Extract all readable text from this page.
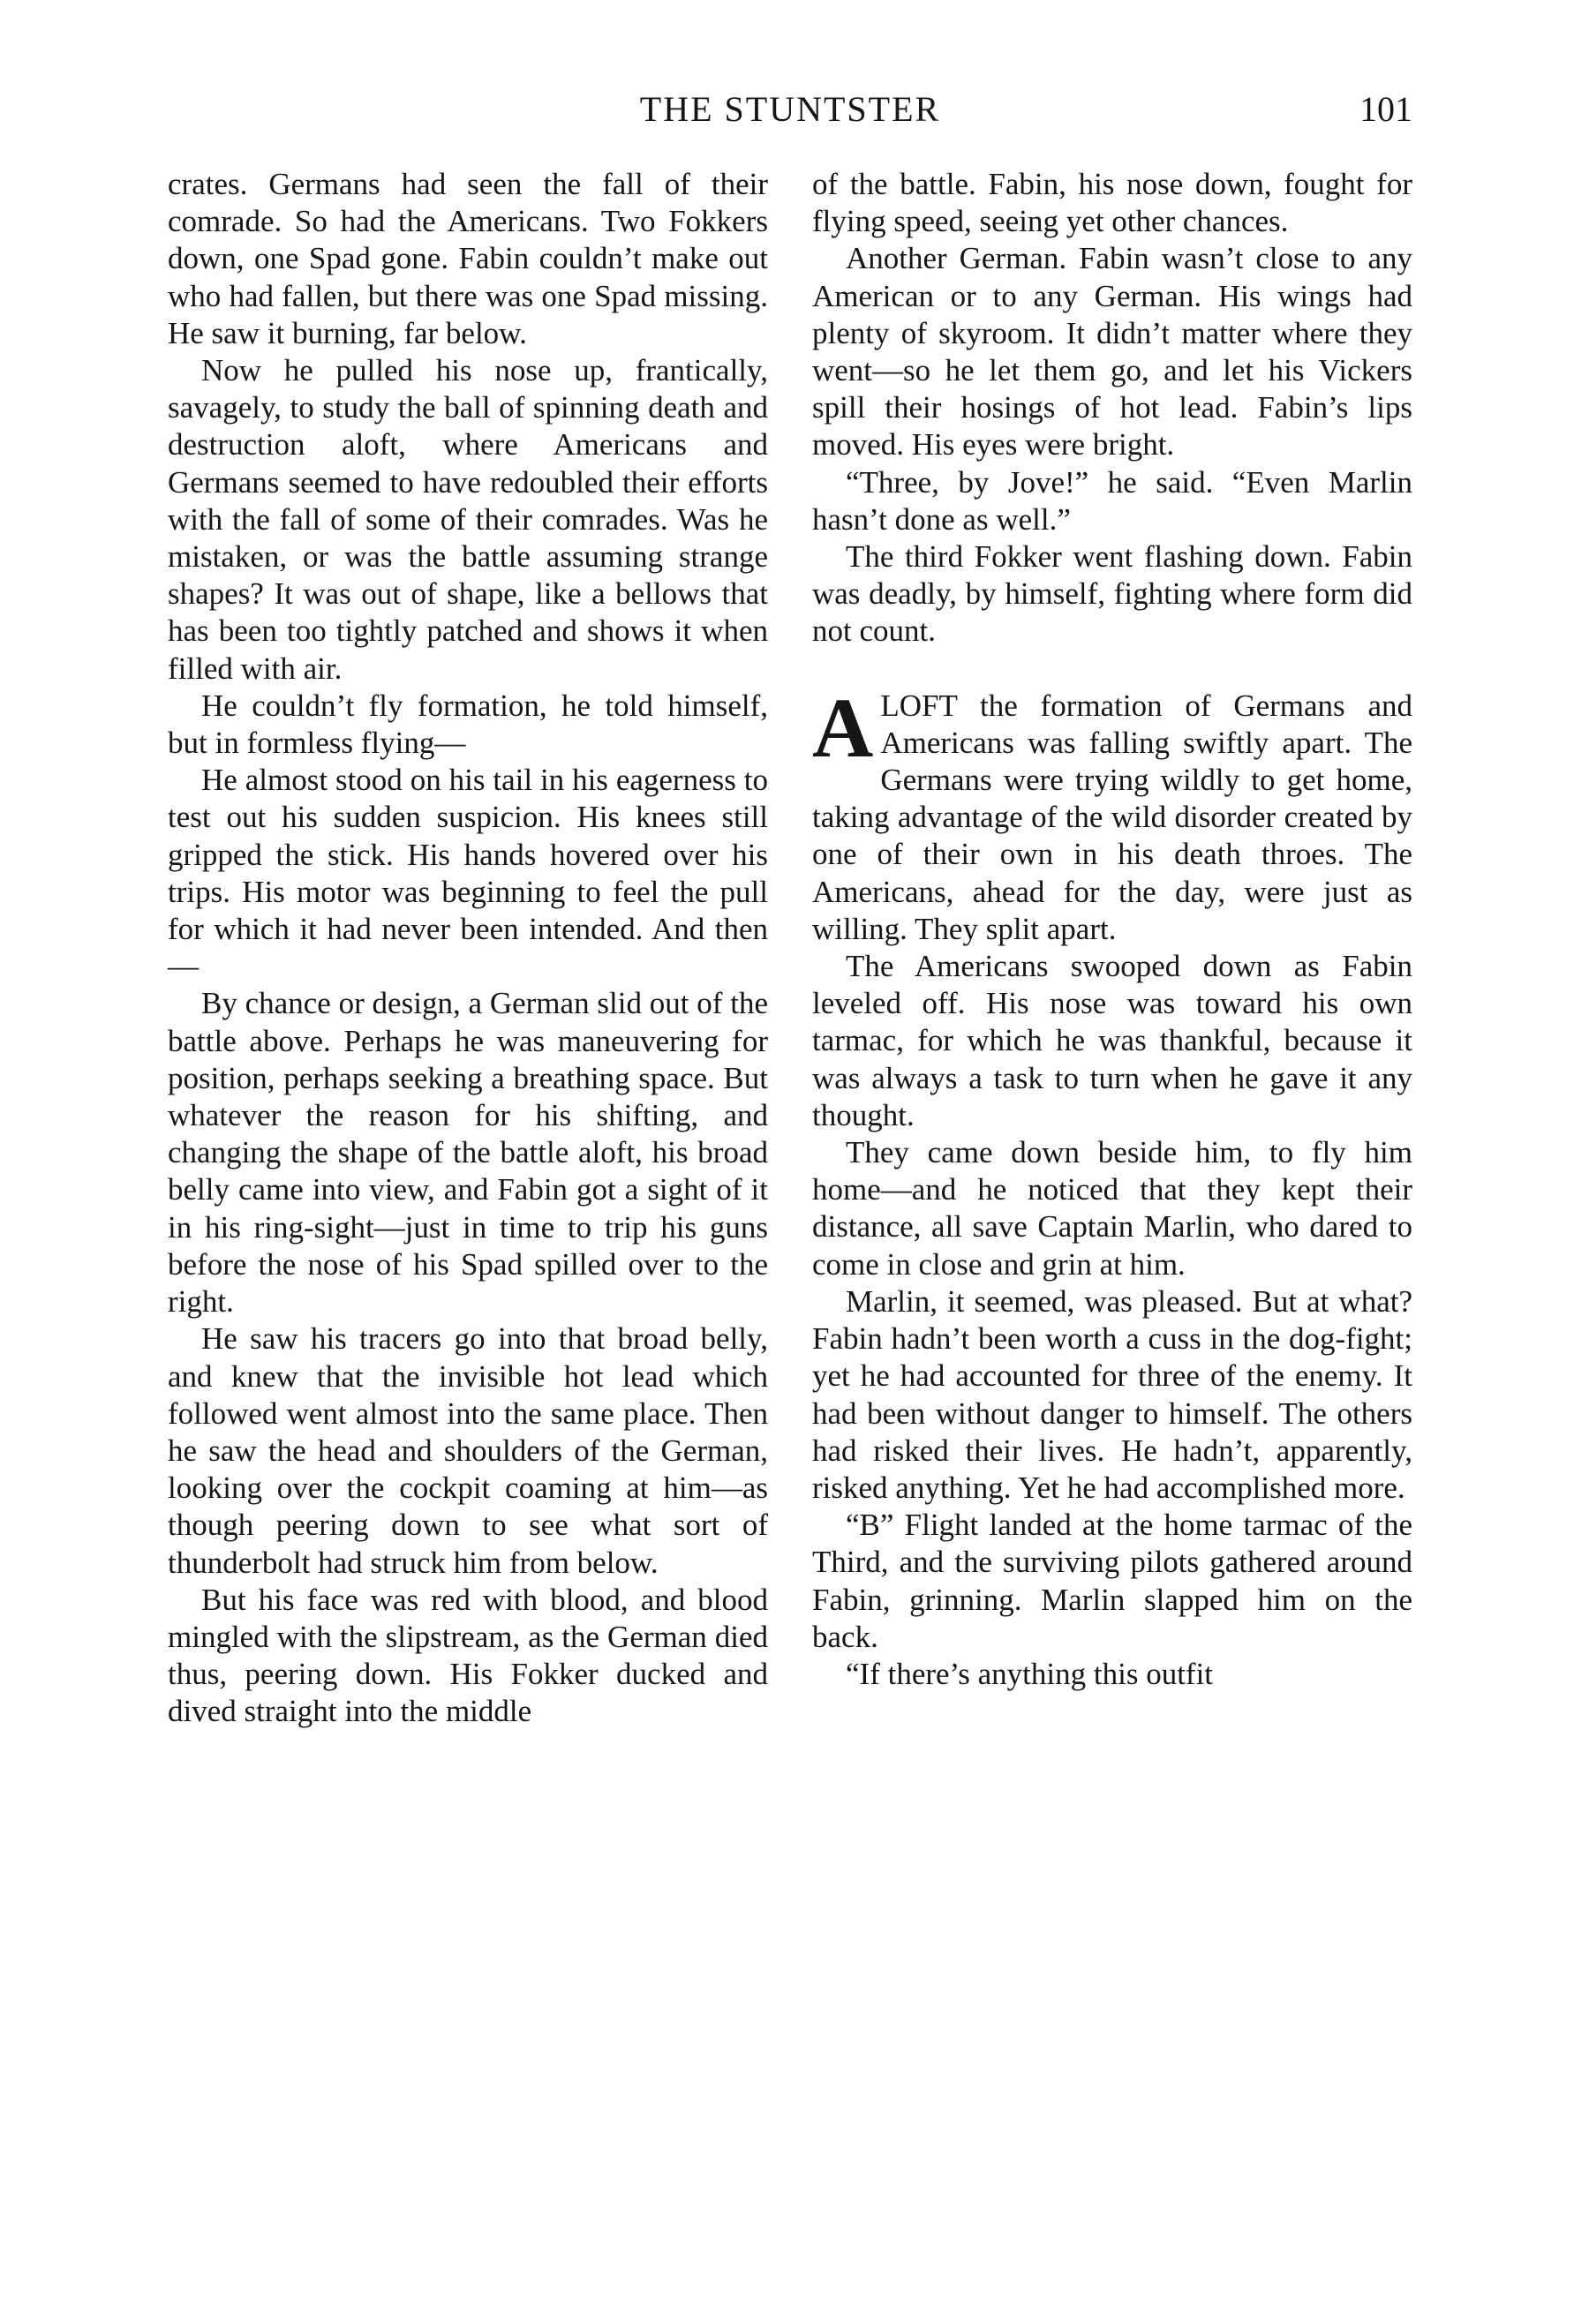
THE STUNTSTER	101

crates. Germans had seen the fall of their comrade. So had the Americans. Two Fokkers down, one Spad gone. Fabin couldn’t make out who had fallen, but there was one Spad missing. He saw it burning, far below.

Now he pulled his nose up, frantically, savagely, to study the ball of spinning death and destruction aloft, where Americans and Germans seemed to have redoubled their efforts with the fall of some of their comrades. Was he mistaken, or was the battle assuming strange shapes? It was out of shape, like a bellows that has been too tightly patched and shows it when filled with air.

He couldn’t fly formation, he told himself, but in formless flying—

He almost stood on his tail in his eagerness to test out his sudden suspicion. His knees still gripped the stick. His hands hovered over his trips. His motor was beginning to feel the pull for which it had never been intended. And then—

By chance or design, a German slid out of the battle above. Perhaps he was maneuvering for position, perhaps seeking a breathing space. But whatever the reason for his shifting, and changing the shape of the battle aloft, his broad belly came into view, and Fabin got a sight of it in his ring-sight—just in time to trip his guns before the nose of his Spad spilled over to the right.

He saw his tracers go into that broad belly, and knew that the invisible hot lead which followed went almost into the same place. Then he saw the head and shoulders of the German, looking over the cockpit coaming at him—as though peering down to see what sort of thunderbolt had struck him from below.

But his face was red with blood, and blood mingled with the slipstream, as the German died thus, peering down. His Fokker ducked and dived straight into the middle

of the battle. Fabin, his nose down, fought for flying speed, seeing yet other chances.

Another German. Fabin wasn’t close to any American or to any German. His wings had plenty of skyroom. It didn’t matter where they went—so he let them go, and let his Vickers spill their hosings of hot lead. Fabin’s lips moved. His eyes were bright.

“Three, by Jove!” he said. “Even Marlin hasn’t done as well.”

The third Fokker went flashing down. Fabin was deadly, by himself, fighting where form did not count.

ALOFT the formation of Germans and Americans was falling swiftly apart. The Germans were trying wildly to get home, taking advantage of the wild disorder created by one of their own in his death throes. The Americans, ahead for the day, were just as willing. They split apart.

The Americans swooped down as Fabin leveled off. His nose was toward his own tarmac, for which he was thankful, because it was always a task to turn when he gave it any thought.

They came down beside him, to fly him home—and he noticed that they kept their distance, all save Captain Marlin, who dared to come in close and grin at him.

Marlin, it seemed, was pleased. But at what? Fabin hadn’t been worth a cuss in the dog-fight; yet he had accounted for three of the enemy. It had been without danger to himself. The others had risked their lives. He hadn’t, apparently, risked anything. Yet he had accomplished more.

“B” Flight landed at the home tarmac of the Third, and the surviving pilots gathered around Fabin, grinning. Marlin slapped him on the back.

“If there’s anything this outfit
